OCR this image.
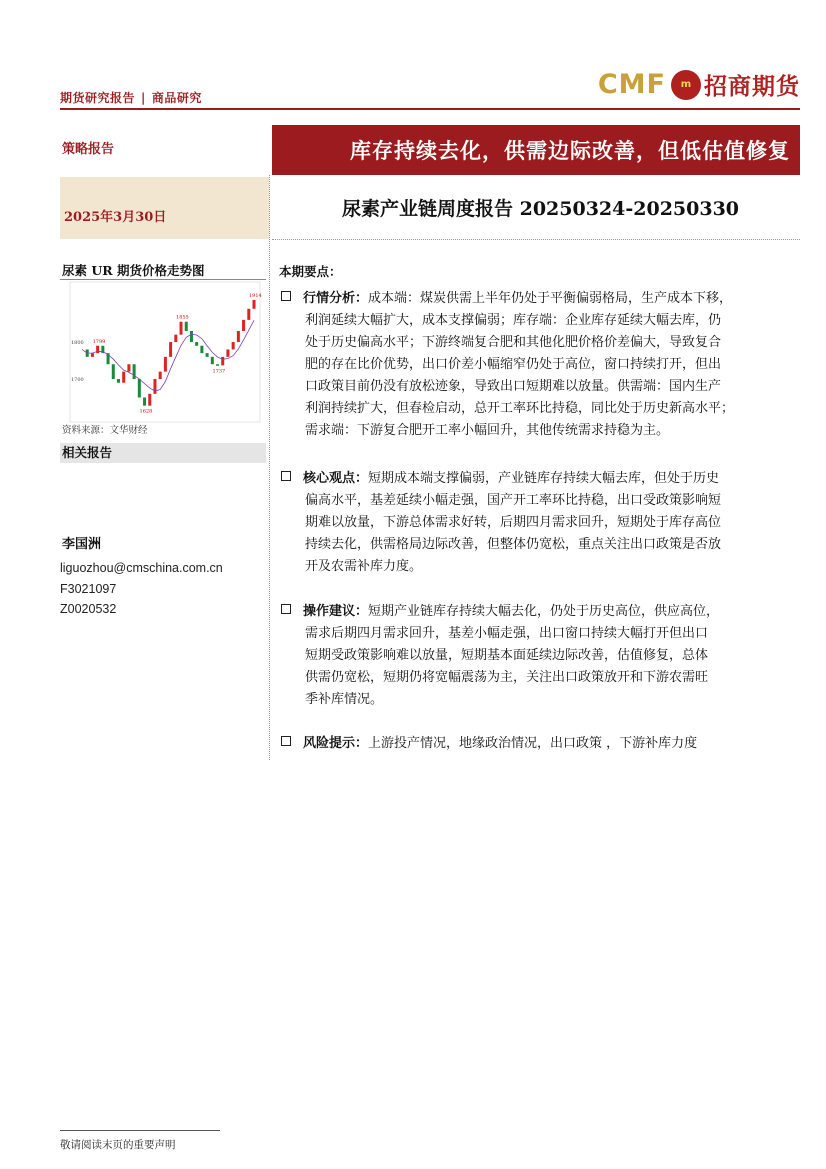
期货研究报告 | 商品研究	CMF	m 招商期货
策略报告	库存持续去化，供需边际改善，但低估值修复
2025年3月30日	尿素产业链周度报告 20250324-20250330
尿素 UR 期货价格走势图
1800
1700
1914
1855
1799
1737
1628
资料来源：文华财经
相关报告
李国洲
liguozhou@cmschina.com.cn
F3021097
Z0020532
本期要点：
行情分析：成本端：煤炭供需上半年仍处于平衡偏弱格局，生产成本下移，
利润延续大幅扩大，成本支撑偏弱；库存端：企业库存延续大幅去库，仍
处于历史偏高水平；下游终端复合肥和其他化肥价格价差偏大，导致复合
肥的存在比价优势，出口价差小幅缩窄仍处于高位，窗口持续打开，但出
口政策目前仍没有放松迹象，导致出口短期难以放量。供需端：国内生产
利润持续扩大，但春检启动，总开工率环比持稳，同比处于历史新高水平；
需求端：下游复合肥开工率小幅回升，其他传统需求持稳为主。
核心观点：短期成本端支撑偏弱，产业链库存持续大幅去库，但处于历史
偏高水平，基差延续小幅走强，国产开工率环比持稳，出口受政策影响短
期难以放量，下游总体需求好转，后期四月需求回升，短期处于库存高位
持续去化，供需格局边际改善，但整体仍宽松，重点关注出口政策是否放
开及农需补库力度。
操作建议：短期产业链库存持续大幅去化，仍处于历史高位，供应高位，
需求后期四月需求回升，基差小幅走强，出口窗口持续大幅打开但出口
短期受政策影响难以放量，短期基本面延续边际改善，估值修复，总体
供需仍宽松，短期仍将宽幅震荡为主，关注出口政策放开和下游农需旺
季补库情况。
风险提示：上游投产情况，地缘政治情况，出口政策 ，下游补库力度
敬请阅读末页的重要声明
